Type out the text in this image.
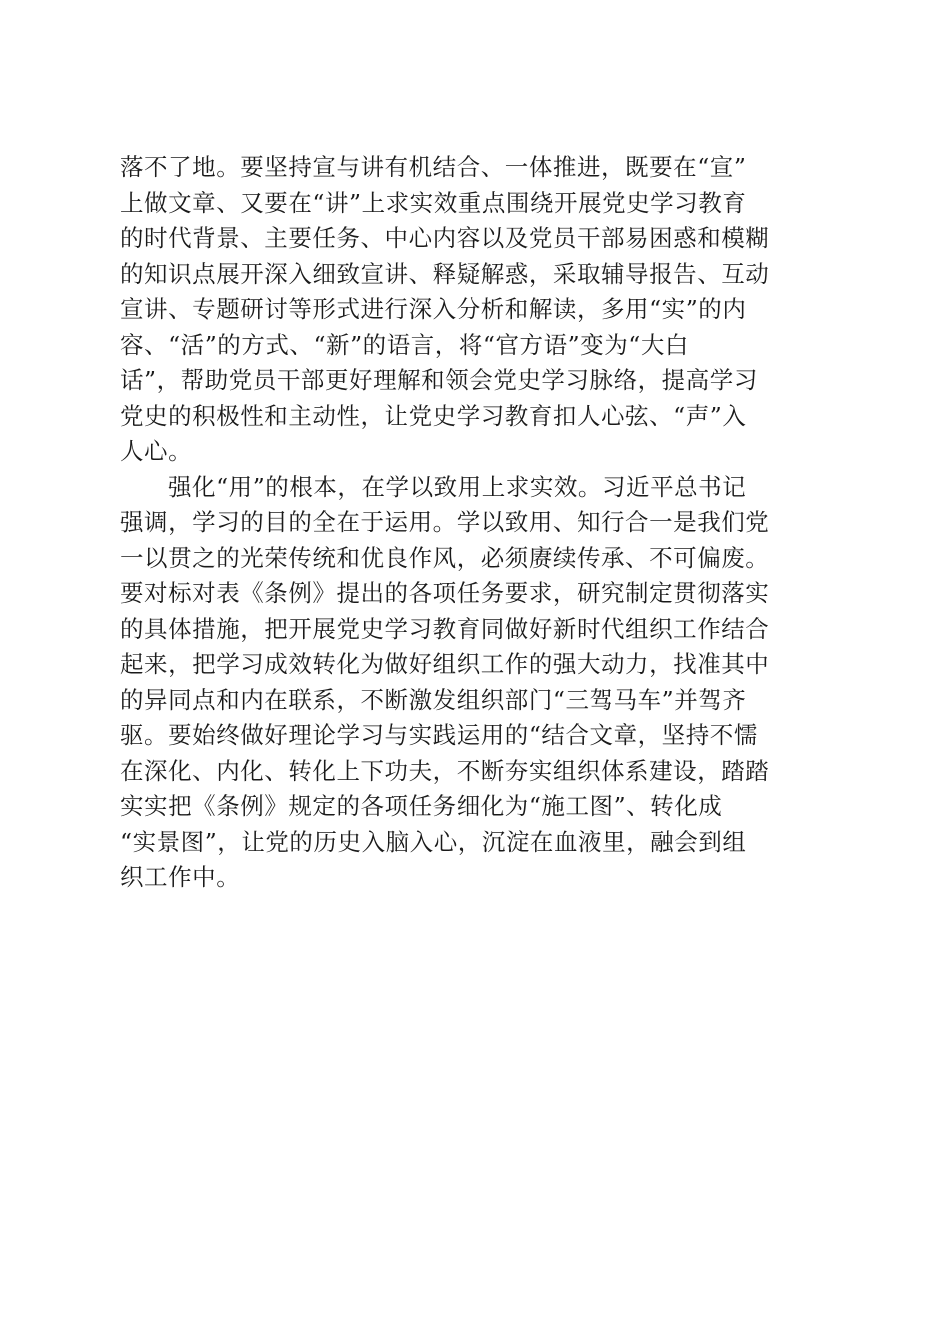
落不了地。要坚持宣与讲有机结合、一体推进，既要在“宣”
上做文章、又要在“讲”上求实效重点围绕开展党史学习教育
的时代背景、主要任务、中心内容以及党员干部易困惑和模糊
的知识点展开深入细致宣讲、释疑解惑，采取辅导报告、互动
宣讲、专题研讨等形式进行深入分析和解读，多用“实”的内
容、“活”的方式、“新”的语言，将“官方语”变为“大白
话”，帮助党员干部更好理解和领会党史学习脉络，提高学习
党史的积极性和主动性，让党史学习教育扣人心弦、“声”入
人心。
强化“用”的根本，在学以致用上求实效。习近平总书记
强调，学习的目的全在于运用。学以致用、知行合一是我们党
一以贯之的光荣传统和优良作风，必须赓续传承、不可偏废。
要对标对表《条例》提出的各项任务要求，研究制定贯彻落实
的具体措施，把开展党史学习教育同做好新时代组织工作结合
起来，把学习成效转化为做好组织工作的强大动力，找准其中
的异同点和内在联系，不断激发组织部门“三驾马车”并驾齐
驱。要始终做好理论学习与实践运用的“结合文章，坚持不懦
在深化、内化、转化上下功夫，不断夯实组织体系建设，踏踏
实实把《条例》规定的各项任务细化为“施工图”、转化成
“实景图”，让党的历史入脑入心，沉淀在血液里，融会到组
织工作中。
